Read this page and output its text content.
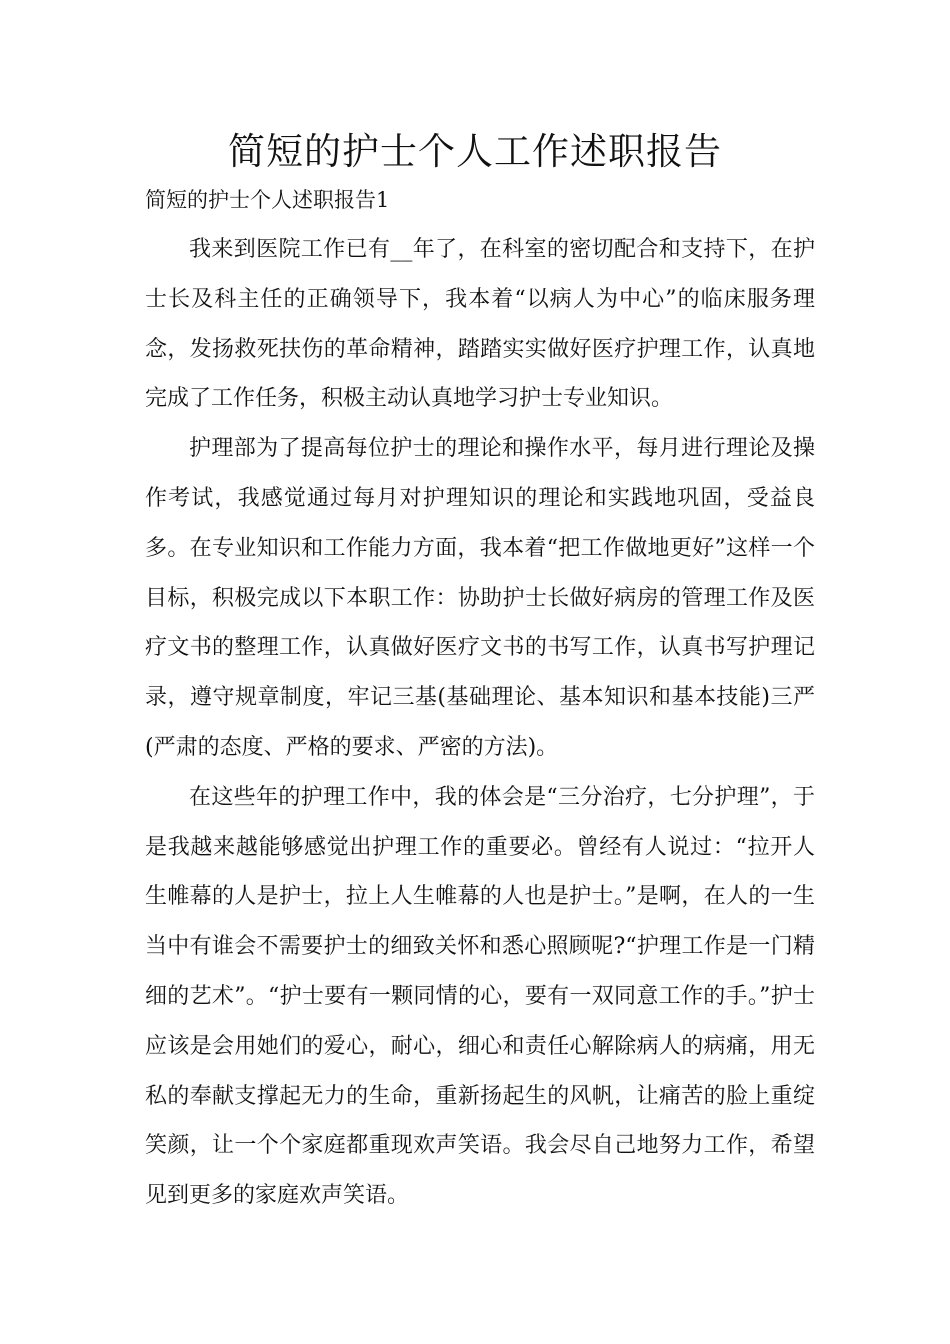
简短的护士个人工作述职报告

简短的护士个人述职报告1

我来到医院工作已有__年了，在科室的密切配合和支持下，在护士长及科主任的正确领导下，我本着“以病人为中心”的临床服务理念，发扬救死扶伤的革命精神，踏踏实实做好医疗护理工作，认真地完成了工作任务，积极主动认真地学习护士专业知识。

护理部为了提高每位护士的理论和操作水平，每月进行理论及操作考试，我感觉通过每月对护理知识的理论和实践地巩固，受益良多。在专业知识和工作能力方面，我本着“把工作做地更好”这样一个目标，积极完成以下本职工作：协助护士长做好病房的管理工作及医疗文书的整理工作，认真做好医疗文书的书写工作，认真书写护理记录，遵守规章制度，牢记三基(基础理论、基本知识和基本技能)三严(严肃的态度、严格的要求、严密的方法)。

在这些年的护理工作中，我的体会是“三分治疗，七分护理”，于是我越来越能够感觉出护理工作的重要必。曾经有人说过：“拉开人生帷幕的人是护士，拉上人生帷幕的人也是护士。”是啊，在人的一生当中有谁会不需要护士的细致关怀和悉心照顾呢?“护理工作是一门精细的艺术”。“护士要有一颗同情的心，要有一双同意工作的手。”护士应该是会用她们的爱心，耐心，细心和责任心解除病人的病痛，用无私的奉献支撑起无力的生命，重新扬起生的风帆，让痛苦的脸上重绽笑颜，让一个个家庭都重现欢声笑语。我会尽自己地努力工作，希望见到更多的家庭欢声笑语。
